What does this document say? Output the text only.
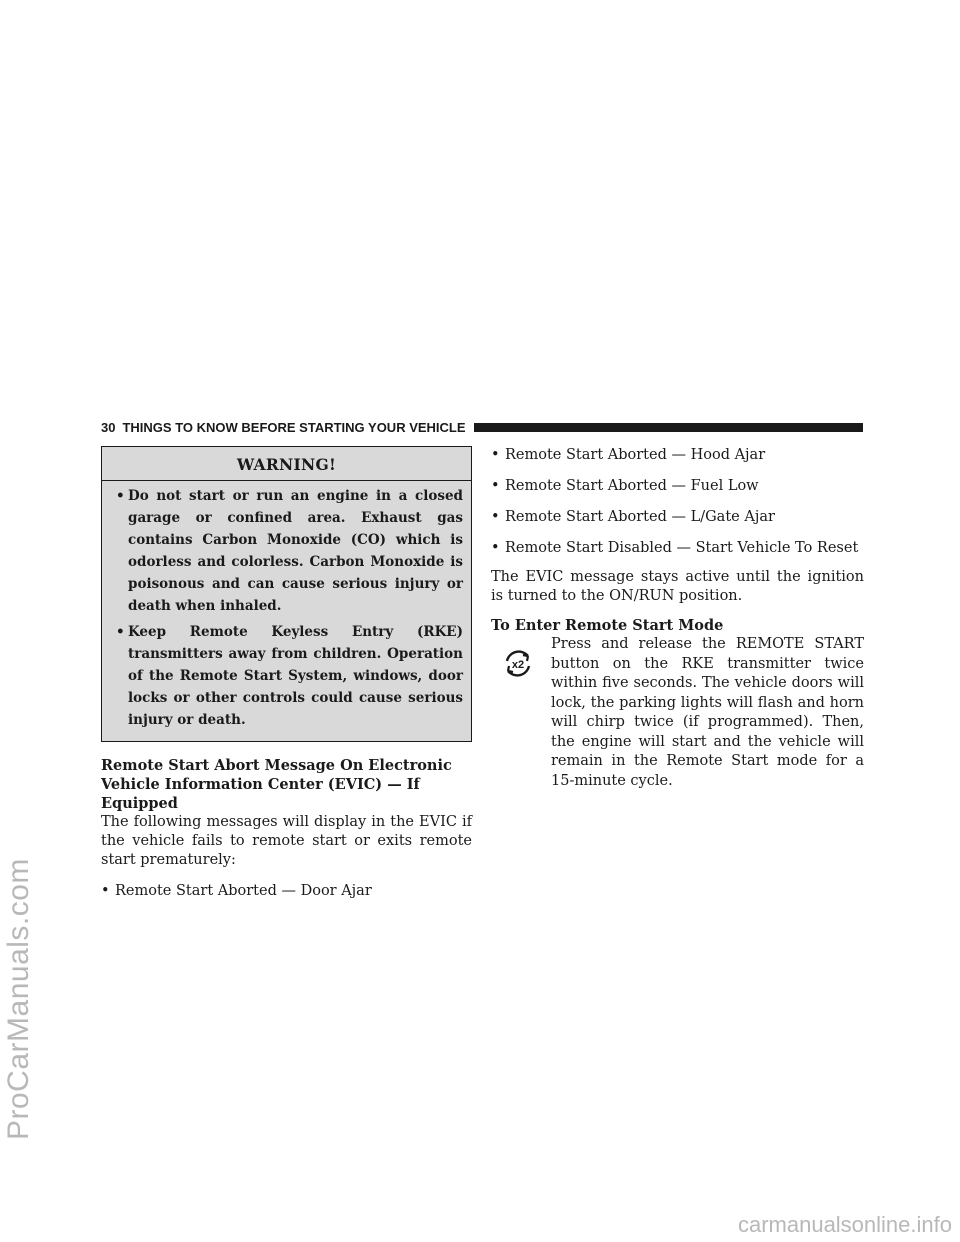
ProCarManuals.com
carmanualsonline.info
30 THINGS TO KNOW BEFORE STARTING YOUR VEHICLE
WARNING!
• Do not start or run an engine in a closed garage or confined area. Exhaust gas contains Carbon Monoxide (CO) which is odorless and colorless. Carbon Monoxide is poisonous and can cause serious injury or death when inhaled.
• Keep Remote Keyless Entry (RKE) transmitters away from children. Operation of the Remote Start System, windows, door locks or other controls could cause serious injury or death.
Remote Start Abort Message On Electronic Vehicle Information Center (EVIC) — If Equipped
The following messages will display in the EVIC if the vehicle fails to remote start or exits remote start prematurely:
• Remote Start Aborted — Door Ajar
• Remote Start Aborted — Hood Ajar
• Remote Start Aborted — Fuel Low
• Remote Start Aborted — L/Gate Ajar
• Remote Start Disabled — Start Vehicle To Reset
The EVIC message stays active until the ignition is turned to the ON/RUN position.
To Enter Remote Start Mode
x2
Press and release the REMOTE START button on the RKE transmitter twice within five seconds. The vehicle doors will lock, the parking lights will flash and horn will chirp twice (if programmed). Then, the engine will start and the vehicle will remain in the Remote Start mode for a 15-minute cycle.
